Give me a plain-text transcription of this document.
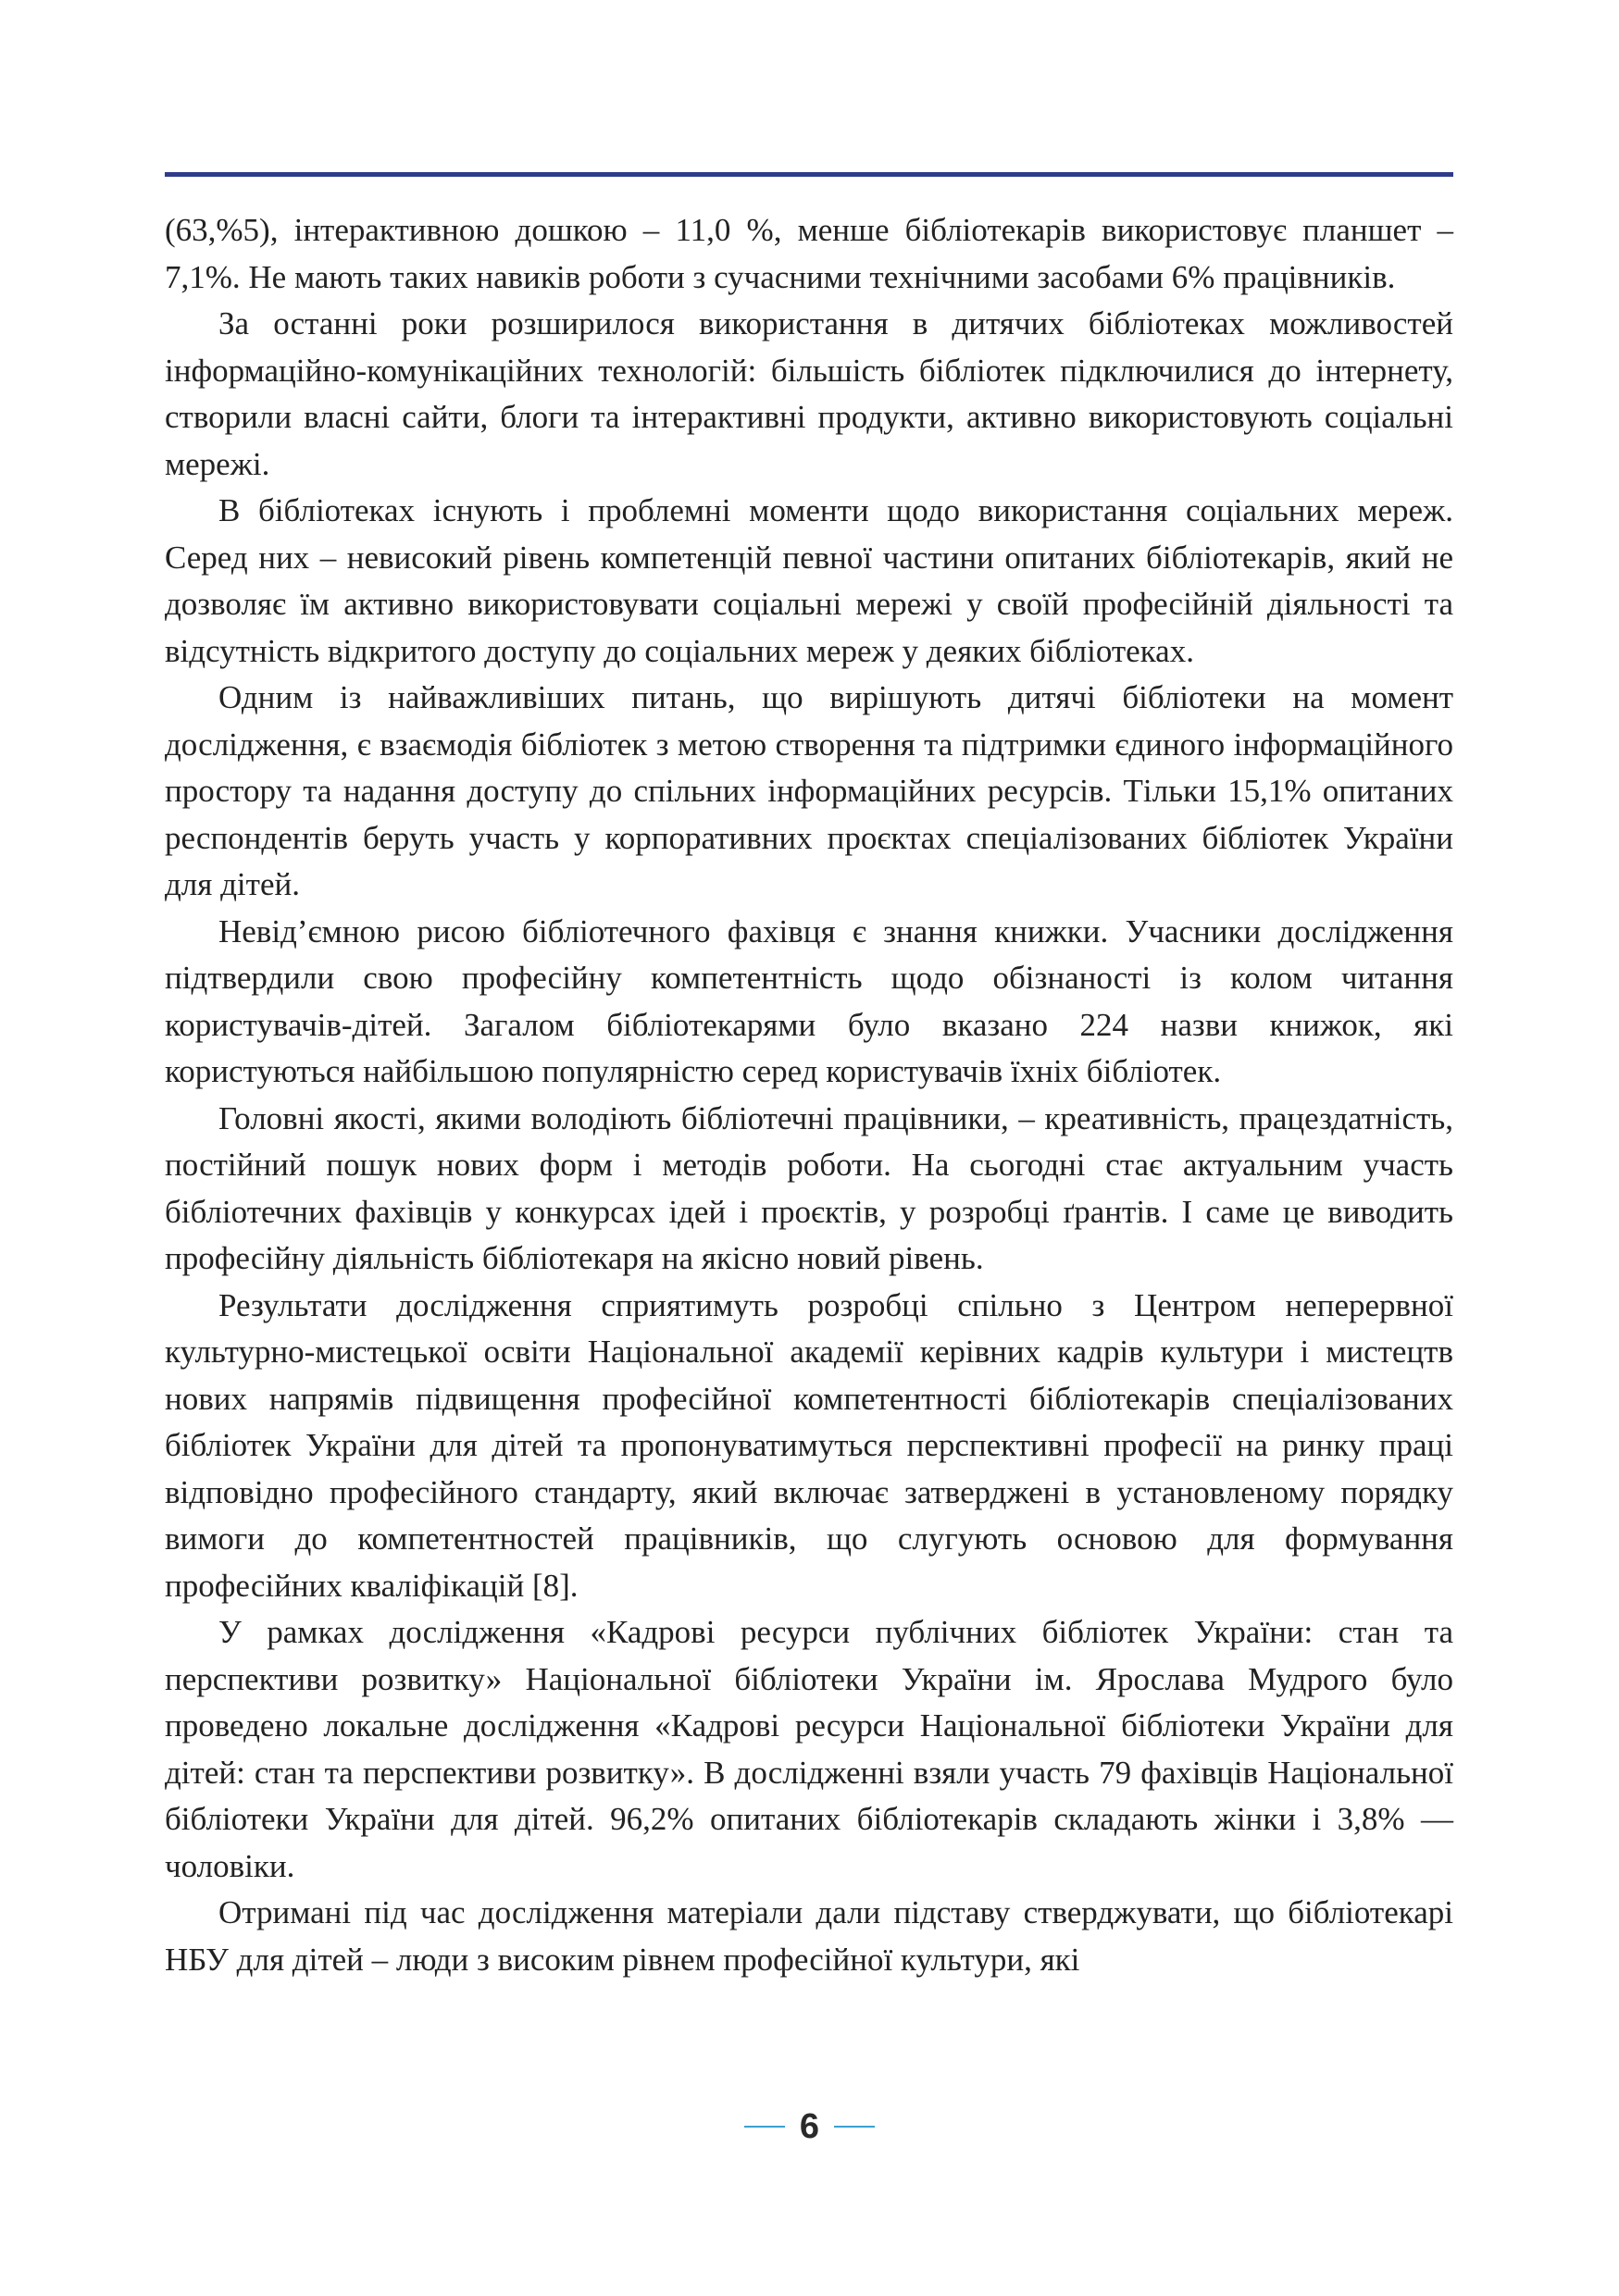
(63,%5), інтерактивною дошкою – 11,0 %, менше бібліотекарів використовує планшет – 7,1%. Не мають таких навиків роботи з сучасними технічними засобами 6% працівників.

За останні роки розширилося використання в дитячих бібліотеках можливостей інформаційно-комунікаційних технологій: більшість бібліотек підключилися до інтернету, створили власні сайти, блоги та інтерактивні продукти, активно використовують соціальні мережі.

В бібліотеках існують і проблемні моменти щодо використання соціальних мереж. Серед них – невисокий рівень компетенцій певної частини опитаних бібліотекарів, який не дозволяє їм активно використовувати соціальні мережі у своїй професійній діяльності та відсутність відкритого доступу до соціальних мереж у деяких бібліотеках.

Одним із найважливіших питань, що вирішують дитячі бібліотеки на момент дослідження, є взаємодія бібліотек з метою створення та підтримки єдиного інформаційного простору та надання доступу до спільних інформаційних ресурсів. Тільки 15,1% опитаних респондентів беруть участь у корпоративних проєктах спеціалізованих бібліотек України для дітей.

Невід’ємною рисою бібліотечного фахівця є знання книжки. Учасники дослідження підтвердили свою професійну компетентність щодо обізнаності із колом читання користувачів-дітей. Загалом бібліотекарями було вказано 224 назви книжок, які користуються найбільшою популярністю серед користувачів їхніх бібліотек.

Головні якості, якими володіють бібліотечні працівники, – креативність, працездатність, постійний пошук нових форм і методів роботи. На сьогодні стає актуальним участь бібліотечних фахівців у конкурсах ідей і проєктів, у розробці ґрантів. І саме це виводить професійну діяльність бібліотекаря на якісно новий рівень.

Результати дослідження сприятимуть розробці спільно з Центром неперервної культурно-мистецької освіти Національної академії керівних кадрів культури і мистецтв нових напрямів підвищення професійної компетентності бібліотекарів спеціалізованих бібліотек України для дітей та пропонуватимуться перспективні професії на ринку праці відповідно професійного стандарту, який включає затверджені в установленому порядку вимоги до компетентностей працівників, що слугують основою для формування професійних кваліфікацій [8].

У рамках дослідження «Кадрові ресурси публічних бібліотек України: стан та перспективи розвитку» Національної бібліотеки України ім. Ярослава Мудрого було проведено локальне дослідження «Кадрові ресурси Національної бібліотеки України для дітей: стан та перспективи розвитку». В дослідженні взяли участь 79 фахівців Національної бібліотеки України для дітей. 96,2% опитаних бібліотекарів складають жінки і 3,8% — чоловіки.

Отримані під час дослідження матеріали дали підставу стверджувати, що бібліотекарі НБУ для дітей – люди з високим рівнем професійної культури, які

6
